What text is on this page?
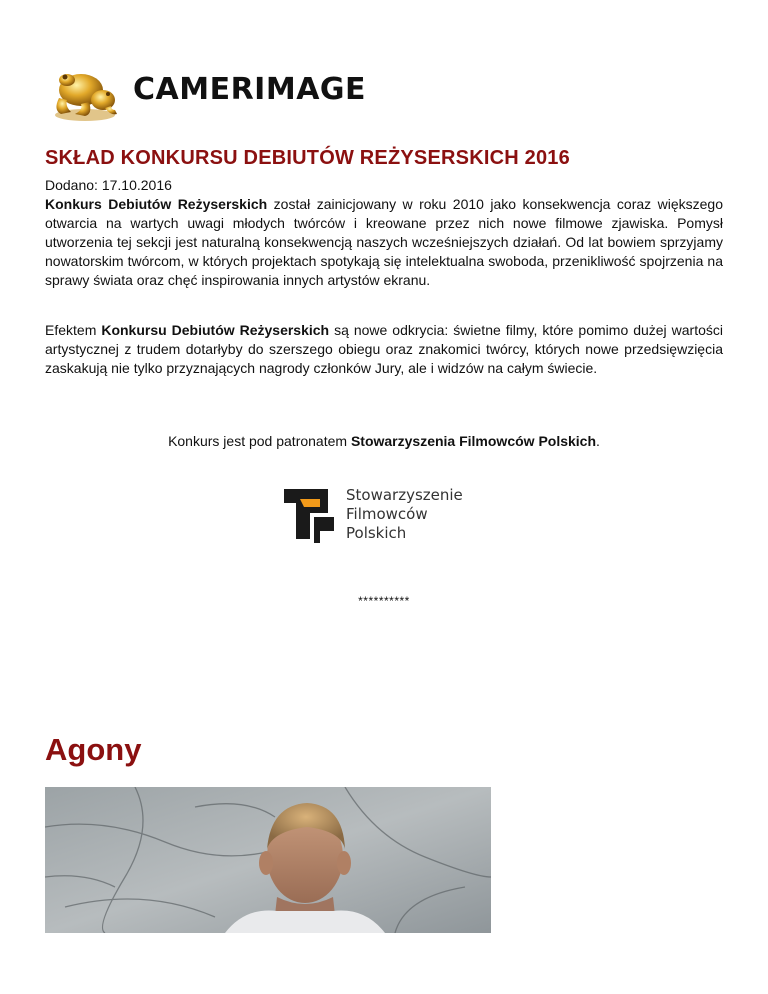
CAMERIMAGE
SKŁAD KONKURSU DEBIUTÓW REŻYSERSKICH 2016
Dodano: 17.10.2016

Konkurs Debiutów Reżyserskich został zainicjowany w roku 2010 jako konsekwencja coraz większego otwarcia na wartych uwagi młodych twórców i kreowane przez nich nowe filmowe zjawiska. Pomysł utworzenia tej sekcji jest naturalną konsekwencją naszych wcześniejszych działań. Od lat bowiem sprzyjamy nowatorskim twórcom, w których projektach spotykają się intelektualna swoboda, przenikliwość spojrzenia na sprawy świata oraz chęć inspirowania innych artystów ekranu.

Efektem Konkursu Debiutów Reżyserskich są nowe odkrycia: świetne filmy, które pomimo dużej wartości artystycznej z trudem dotarłyby do szerszego obiegu oraz znakomici twórcy, których nowe przedsięwzięcia zaskakują nie tylko przyznających nagrody członków Jury, ale i widzów na całym świecie.

Konkurs jest pod patronatem Stowarzyszenia Filmowców Polskich.
Stowarzyszenie
Filmowców
Polskich
**********
Agony
